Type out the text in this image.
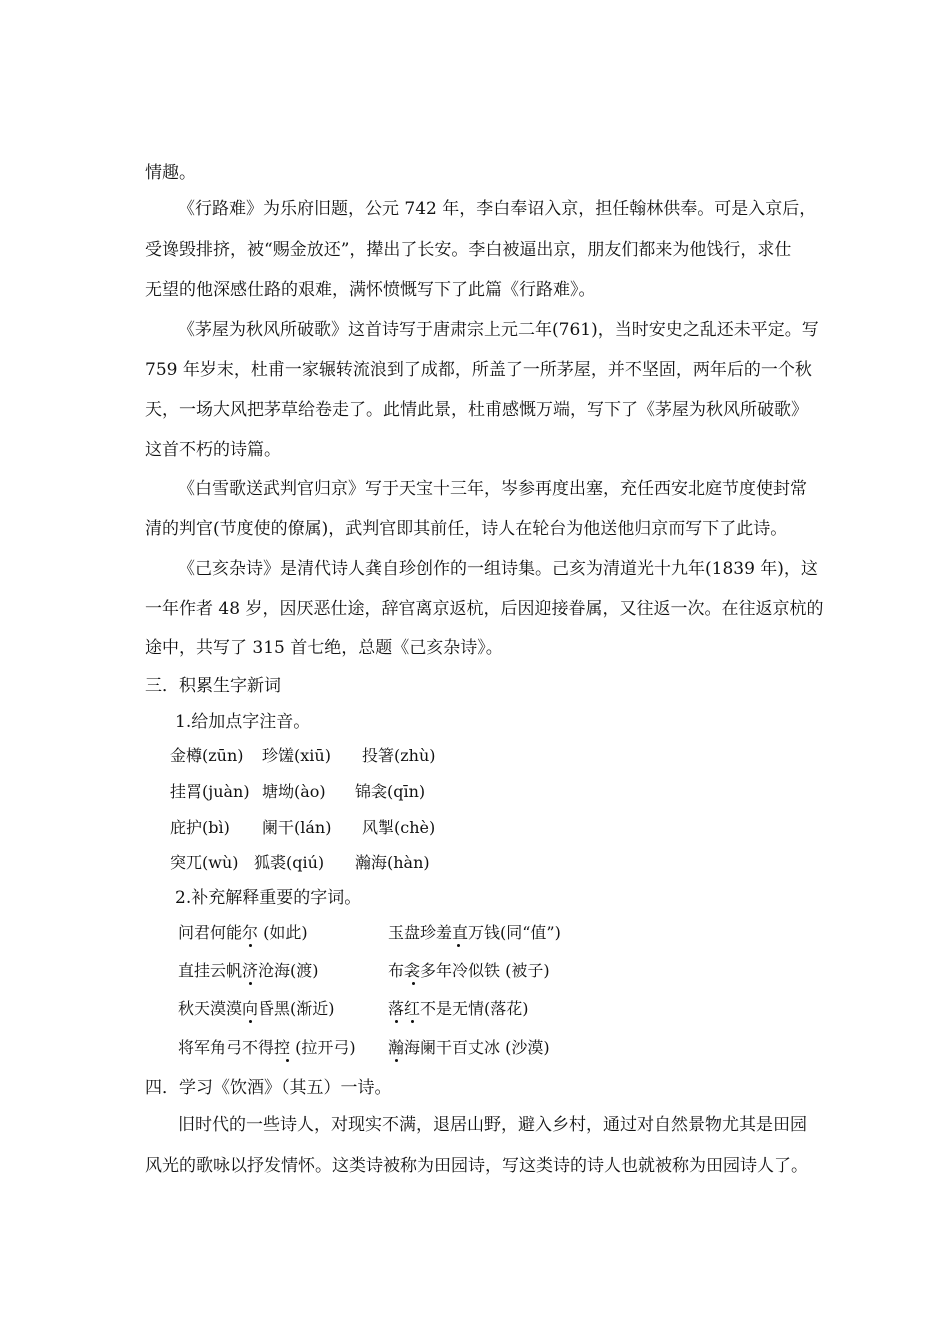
情趣。
《行路难》为乐府旧题，公元 742 年，李白奉诏入京，担任翰林供奉。可是入京后，
受谗毁排挤，被“赐金放还”，撵出了长安。李白被逼出京，朋友们都来为他饯行，求仕
无望的他深感仕路的艰难，满怀愤慨写下了此篇《行路难》。
《茅屋为秋风所破歌》这首诗写于唐肃宗上元二年(761)，当时安史之乱还未平定。写
759 年岁末，杜甫一家辗转流浪到了成都，所盖了一所茅屋，并不坚固，两年后的一个秋
天，一场大风把茅草给卷走了。此情此景，杜甫感慨万端，写下了《茅屋为秋风所破歌》
这首不朽的诗篇。
《白雪歌送武判官归京》写于天宝十三年，岑参再度出塞，充任西安北庭节度使封常
清的判官(节度使的僚属)，武判官即其前任，诗人在轮台为他送他归京而写下了此诗。
《己亥杂诗》是清代诗人龚自珍创作的一组诗集。己亥为清道光十九年(1839 年)，这
一年作者 48 岁，因厌恶仕途，辞官离京返杭，后因迎接眷属，又往返一次。在往返京杭的
途中，共写了 315 首七绝，总题《己亥杂诗》。
三．积累生字新词
1.给加点字注音。
金樽(zūn) 珍馐(xiū) 投箸(zhù)
挂罥(juàn) 塘坳(ào) 锦衾(qīn)
庇护(bì) 阑干(lán) 风掣(chè)
突兀(wù) 狐裘(qiú) 瀚海(hàn)
2.补充解释重要的字词。
问君何能尔 (如此)	玉盘珍羞直万钱(同“值”)
直挂云帆济沧海(渡)	布衾多年冷似铁 (被子)
秋天漠漠向昏黑(渐近)	落红不是无情(落花)
将军角弓不得控 (拉开弓) 瀚海阑干百丈冰 (沙漠)
四．学习《饮酒》（其五）一诗。
旧时代的一些诗人，对现实不满，退居山野，避入乡村，通过对自然景物尤其是田园
风光的歌咏以抒发情怀。这类诗被称为田园诗，写这类诗的诗人也就被称为田园诗人了。
